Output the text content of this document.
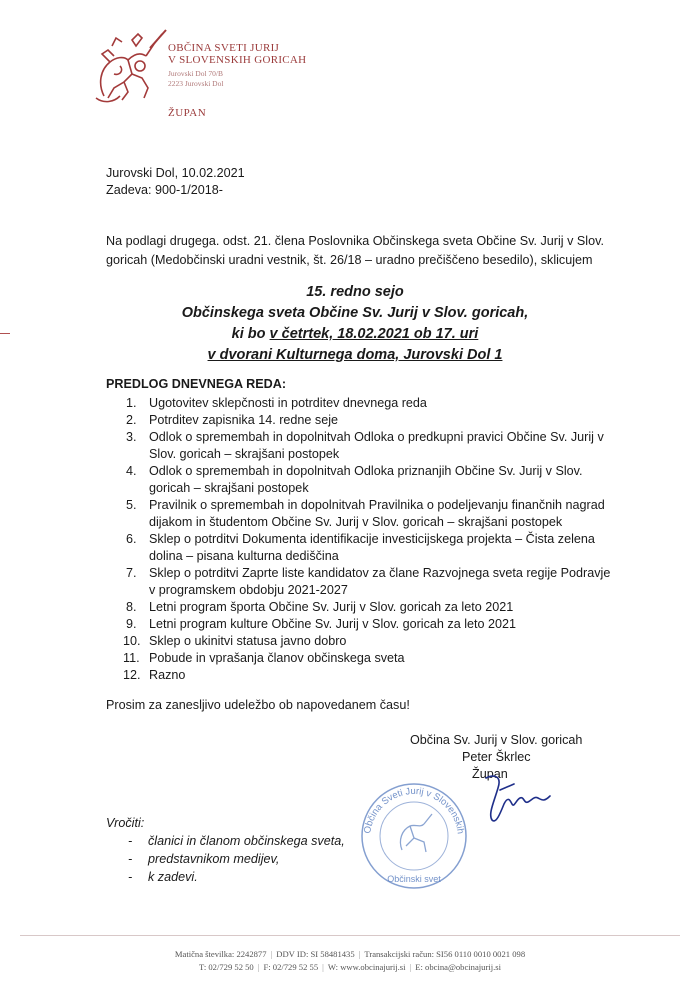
OBČINA SVETI JURIJ
V SLOVENSKIH GORICAH
Jurovski Dol 70/B
2223 Jurovski Dol
ŽUPAN
Jurovski Dol, 10.02.2021
Zadeva: 900-1/2018-
Na podlagi drugega. odst. 21. člena Poslovnika Občinskega sveta Občine Sv. Jurij v Slov. goricah (Medobčinski uradni vestnik, št. 26/18 – uradno prečiščeno besedilo), sklicujem
15. redno sejo
Občinskega sveta Občine Sv. Jurij v Slov. goricah,
ki bo v četrtek, 18.02.2021 ob 17. uri
v dvorani Kulturnega doma, Jurovski Dol 1
PREDLOG DNEVNEGA REDA:
1. Ugotovitev sklepčnosti in potrditev dnevnega reda
2. Potrditev zapisnika 14. redne seje
3. Odlok o spremembah in dopolnitvah Odloka o predkupni pravici Občine Sv. Jurij v Slov. goricah – skrajšani postopek
4. Odlok o spremembah in dopolnitvah Odloka priznanjih Občine Sv. Jurij v Slov. goricah – skrajšani postopek
5. Pravilnik o spremembah in dopolnitvah Pravilnika o podeljevanju finančnih nagrad dijakom in študentom Občine Sv. Jurij v Slov. goricah – skrajšani postopek
6. Sklep o potrditvi Dokumenta identifikacije investicijskega projekta – Čista zelena dolina – pisana kulturna dediščina
7. Sklep o potrditvi Zaprte liste kandidatov za člane Razvojnega sveta regije Podravje v programskem obdobju 2021-2027
8. Letni program športa Občine Sv. Jurij v Slov. goricah za leto 2021
9. Letni program kulture Občine Sv. Jurij v Slov. goricah za leto 2021
10. Sklep o ukinitvi statusa javno dobro
11. Pobude in vprašanja članov občinskega sveta
12. Razno
Prosim za zanesljivo udeležbo ob napovedanem času!
Občina Sv. Jurij v Slov. goricah
Peter Škrlec
Župan
Občina Sveti Jurij v Slovenskih
Občinski svet
Vročiti:
- članici in članom občinskega sveta,
- predstavnikom medijev,
- k zadevi.
Matična številka: 2242877 | DDV ID: SI 58481435 | Transakcijski račun: SI56 0110 0010 0021 098
T: 02/729 52 50 | F: 02/729 52 55 | W: www.obcinajurij.si | E: obcina@obcinajurij.si
